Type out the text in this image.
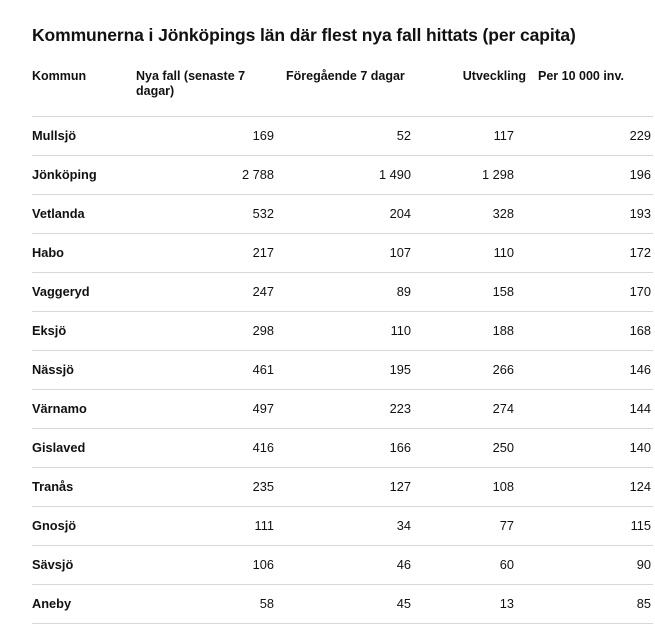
Kommunerna i Jönköpings län där flest nya fall hittats (per capita)
Kommun	Nya fall (senaste 7 dagar)	Föregående 7 dagar	Utveckling	Per 10 000 inv.
Mullsjö	169	52	117	229
Jönköping	2 788	1 490	1 298	196
Vetlanda	532	204	328	193
Habo	217	107	110	172
Vaggeryd	247	89	158	170
Eksjö	298	110	188	168
Nässjö	461	195	266	146
Värnamo	497	223	274	144
Gislaved	416	166	250	140
Tranås	235	127	108	124
Gnosjö	111	34	77	115
Sävsjö	106	46	60	90
Aneby	58	45	13	85
